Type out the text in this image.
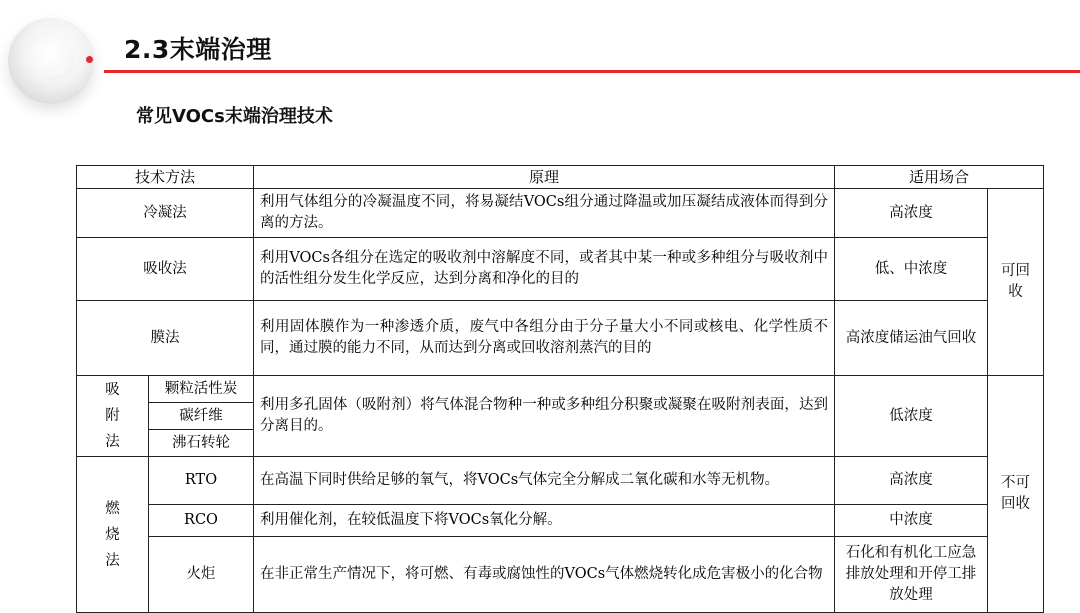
2.3末端治理
常见VOCs末端治理技术
技术方法		原理	适用场合	
冷凝法		利用气体组分的冷凝温度不同，将易凝结VOCs组分通过降温或加压凝结成液体而得到分离的方法。	高浓度	可回收
吸收法		利用VOCs各组分在选定的吸收剂中溶解度不同，或者其中某一种或多种组分与吸收剂中的活性组分发生化学反应，达到分离和净化的目的	低、中浓度	
膜法		利用固体膜作为一种渗透介质，废气中各组分由于分子量大小不同或核电、化学性质不同，通过膜的能力不同，从而达到分离或回收溶剂蒸汽的目的	高浓度储运油气回收	
吸附法	颗粒活性炭	利用多孔固体（吸附剂）将气体混合物种一种或多种组分积聚或凝聚在吸附剂表面，达到分离目的。	低浓度	不可回收
	碳纤维			
	沸石转轮			
燃烧法	RTO	在高温下同时供给足够的氧气，将VOCs气体完全分解成二氧化碳和水等无机物。	高浓度	
	RCO	利用催化剂，在较低温度下将VOCs氧化分解。	中浓度	
	火炬	在非正常生产情况下，将可燃、有毒或腐蚀性的VOCs气体燃烧转化成危害极小的化合物	石化和有机化工应急排放处理和开停工排放处理	
